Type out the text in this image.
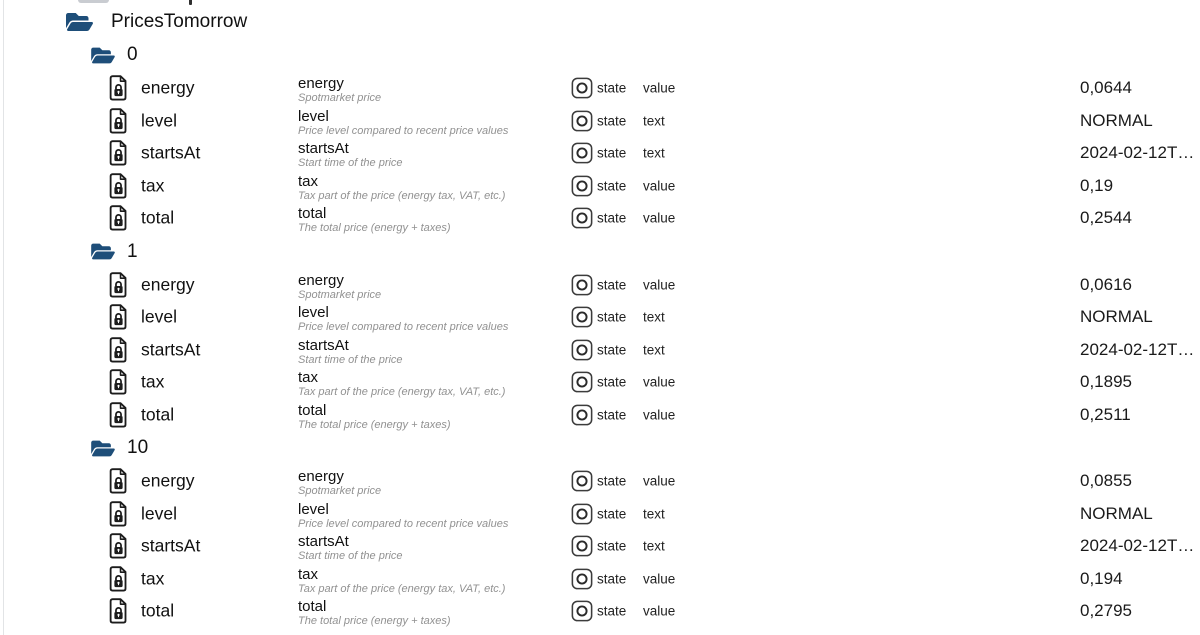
PricesTomorrow
0
energy	energy
Spotmarket price
state value	0,0644
level	level
Price level compared to recent price values
state text	NORMAL
startsAt	startsAt
Start time of the price
state text	2024-02-12T…
tax	tax
Tax part of the price (energy tax, VAT, etc.)
state value	0,19
total	total
The total price (energy + taxes)
state value	0,2544
1
energy	energy
Spotmarket price
state value	0,0616
level	level
Price level compared to recent price values
state text	NORMAL
startsAt	startsAt
Start time of the price
state text	2024-02-12T…
tax	tax
Tax part of the price (energy tax, VAT, etc.)
state value	0,1895
total	total
The total price (energy + taxes)
state value	0,2511
10
energy	energy
Spotmarket price
state value	0,0855
level	level
Price level compared to recent price values
state text	NORMAL
startsAt	startsAt
Start time of the price
state text	2024-02-12T…
tax	tax
Tax part of the price (energy tax, VAT, etc.)
state value	0,194
total	total
The total price (energy + taxes)
state value	0,2795
